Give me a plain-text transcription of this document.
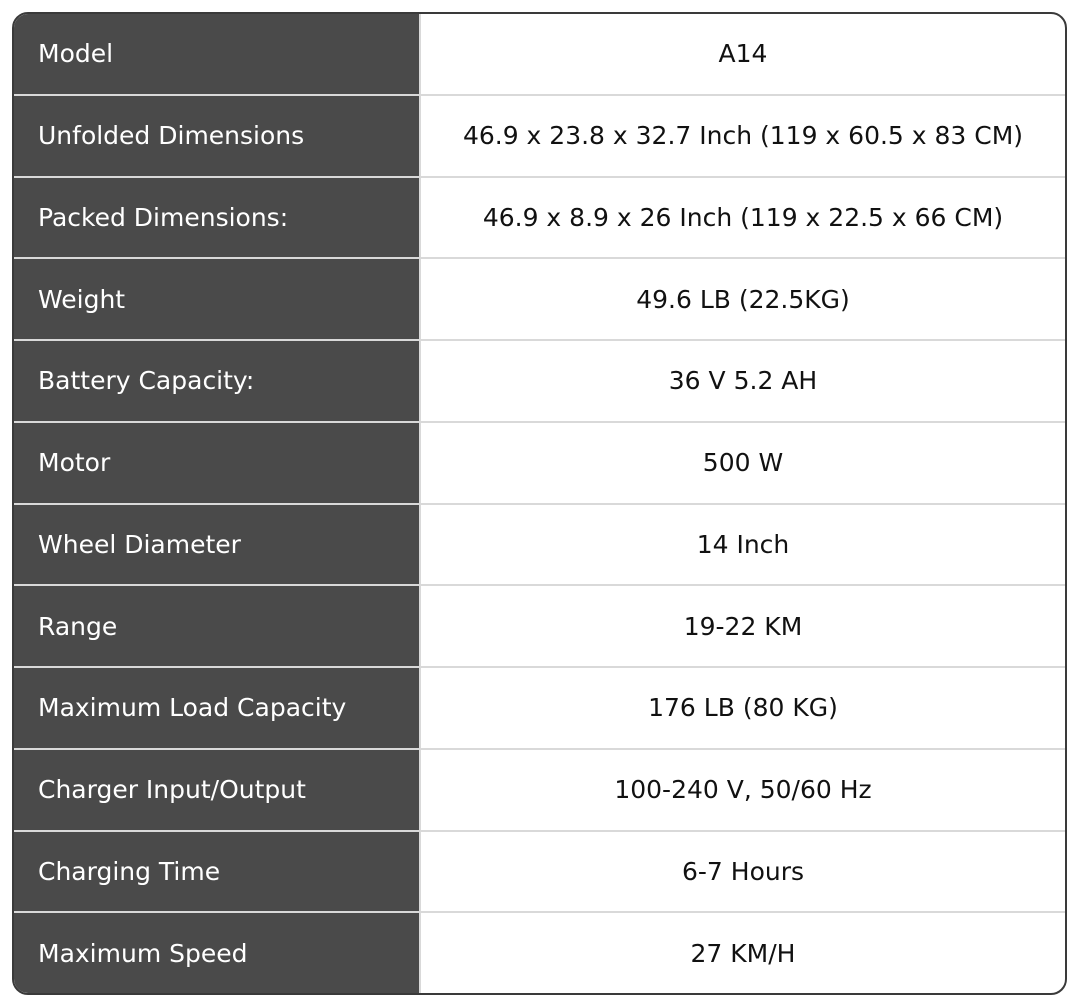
Model	A14
Unfolded Dimensions	46.9 x 23.8 x 32.7 Inch (119 x 60.5 x 83 CM)
Packed Dimensions:	46.9 x 8.9 x 26 Inch (119 x 22.5 x 66 CM)
Weight	49.6 LB (22.5KG)
Battery Capacity:	36 V 5.2 AH
Motor	500 W
Wheel Diameter	14 Inch
Range	19-22 KM
Maximum Load Capacity	176 LB (80 KG)
Charger Input/Output	100-240 V, 50/60 Hz
Charging Time	6-7 Hours
Maximum Speed	27 KM/H
